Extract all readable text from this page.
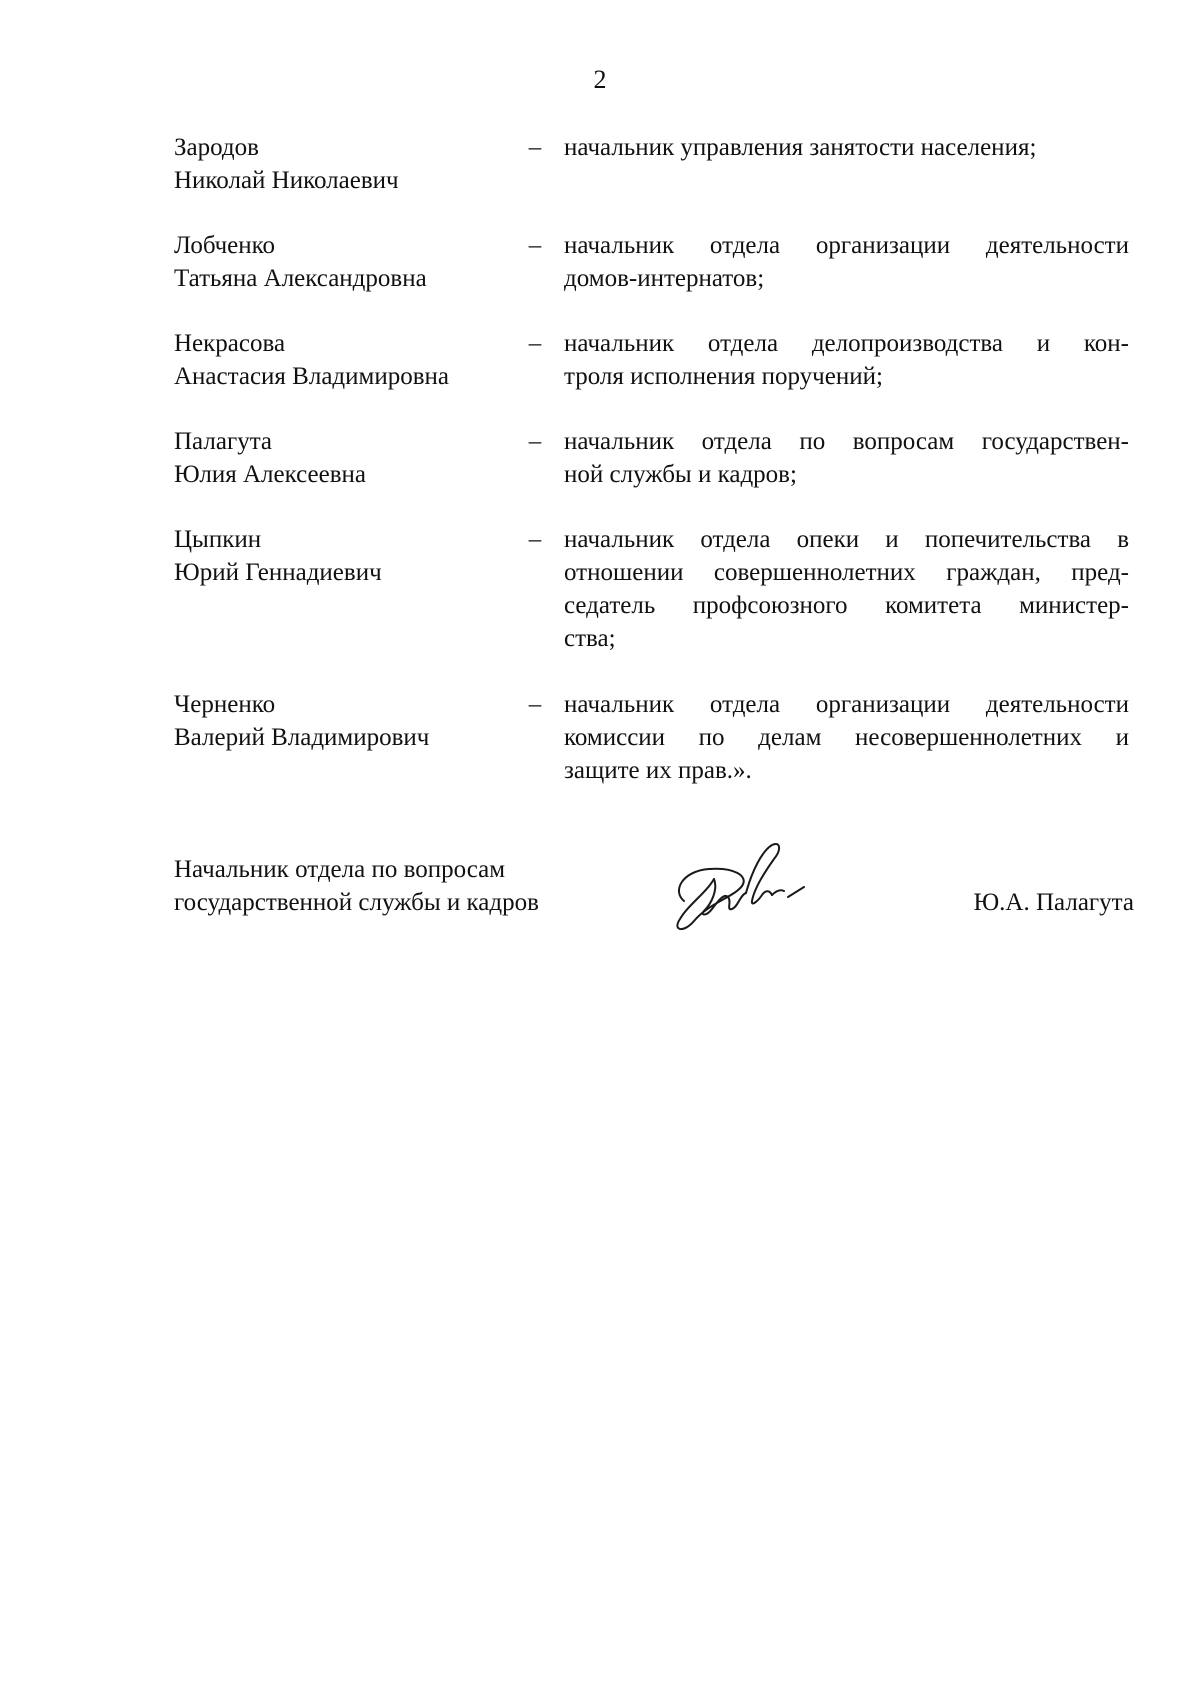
2
Зародов
Николай Николаевич
– начальник управления занятости населения;
Лобченко
Татьяна Александровна
– начальник отдела организации деятельности
домов-интернатов;
Некрасова
Анастасия Владимировна
– начальник отдела делопроизводства и кон-
троля исполнения поручений;
Палагута
Юлия Алексеевна
– начальник отдела по вопросам государствен-
ной службы и кадров;
Цыпкин
Юрий Геннадиевич
– начальник отдела опеки и попечительства в
отношении совершеннолетних граждан, пред-
седатель профсоюзного комитета министер-
ства;
Черненко
Валерий Владимирович
– начальник отдела организации деятельности
комиссии по делам несовершеннолетних и
защите их прав.».
Начальник отдела по вопросам
государственной службы и кадров	Ю.А. Палагута
